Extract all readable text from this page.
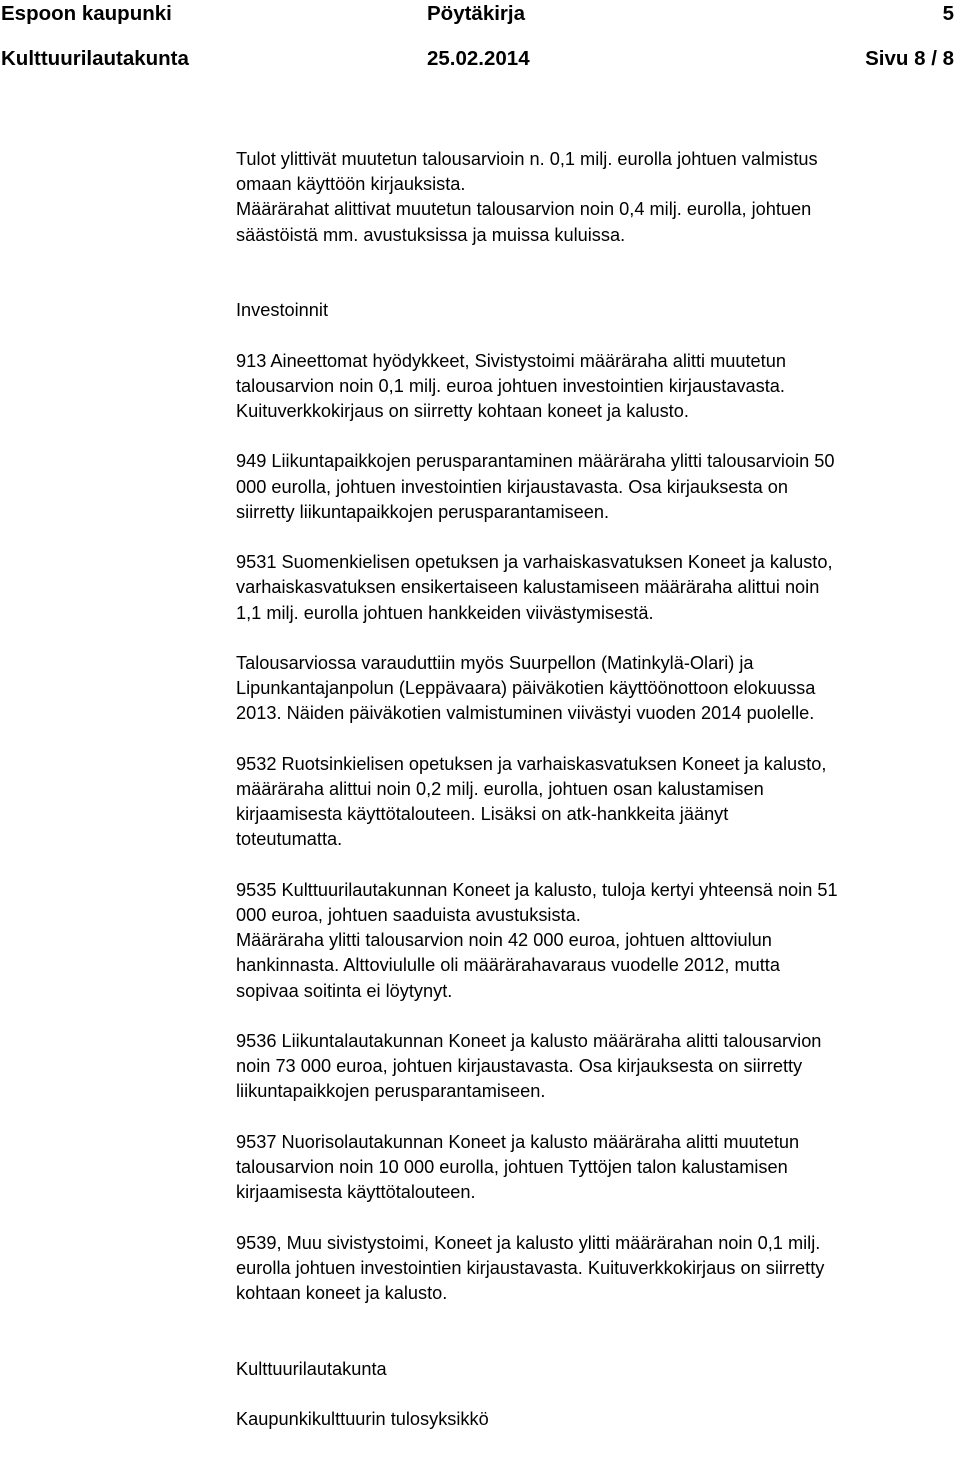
Espoon kaupunki	Pöytäkirja	5
Kulttuurilautakunta	25.02.2014	Sivu 8 / 8

Tulot ylittivät muutetun talousarvioin n. 0,1 milj. eurolla johtuen valmistus
omaan käyttöön kirjauksista.

Määrärahat alittivat muutetun talousarvion noin 0,4 milj. eurolla, johtuen
säästöistä mm. avustuksissa ja muissa kuluissa.

Investoinnit

913 Aineettomat hyödykkeet, Sivistystoimi määräraha alitti muutetun
talousarvion noin 0,1 milj. euroa johtuen investointien kirjaustavasta.
Kuituverkkokirjaus on siirretty kohtaan koneet ja kalusto.

949 Liikuntapaikkojen perusparantaminen määräraha ylitti talousarvioin 50
000 eurolla, johtuen investointien kirjaustavasta. Osa kirjauksesta on
siirretty liikuntapaikkojen perusparantamiseen.

9531 Suomenkielisen opetuksen ja varhaiskasvatuksen Koneet ja kalusto,
varhaiskasvatuksen ensikertaiseen kalustamiseen määräraha alittui noin
1,1 milj. eurolla johtuen hankkeiden viivästymisestä.

Talousarviossa varauduttiin myös Suurpellon (Matinkylä-Olari) ja
Lipunkantajanpolun (Leppävaara) päiväkotien käyttöönottoon elokuussa
2013. Näiden päiväkotien valmistuminen viivästyi vuoden 2014 puolelle.

9532 Ruotsinkielisen opetuksen ja varhaiskasvatuksen Koneet ja kalusto,
määräraha alittui noin 0,2 milj. eurolla, johtuen osan kalustamisen
kirjaamisesta käyttötalouteen. Lisäksi on atk-hankkeita jäänyt
toteutumatta.

9535 Kulttuurilautakunnan Koneet ja kalusto, tuloja kertyi yhteensä noin 51
000 euroa, johtuen saaduista avustuksista.

Määräraha ylitti talousarvion noin 42 000 euroa, johtuen alttoviulun
hankinnasta. Alttoviululle oli määrärahavaraus vuodelle 2012, mutta
sopivaa soitinta ei löytynyt.

9536 Liikuntalautakunnan Koneet ja kalusto määräraha alitti talousarvion
noin 73 000 euroa, johtuen kirjaustavasta. Osa kirjauksesta on siirretty
liikuntapaikkojen perusparantamiseen.

9537 Nuorisolautakunnan Koneet ja kalusto määräraha alitti muutetun
talousarvion noin 10 000 eurolla, johtuen Tyttöjen talon kalustamisen
kirjaamisesta käyttötalouteen.

9539, Muu sivistystoimi, Koneet ja kalusto ylitti määrärahan noin 0,1 milj.
eurolla johtuen investointien kirjaustavasta. Kuituverkkokirjaus on siirretty
kohtaan koneet ja kalusto.

Kulttuurilautakunta

Kaupunkikulttuurin tulosyksikkö
